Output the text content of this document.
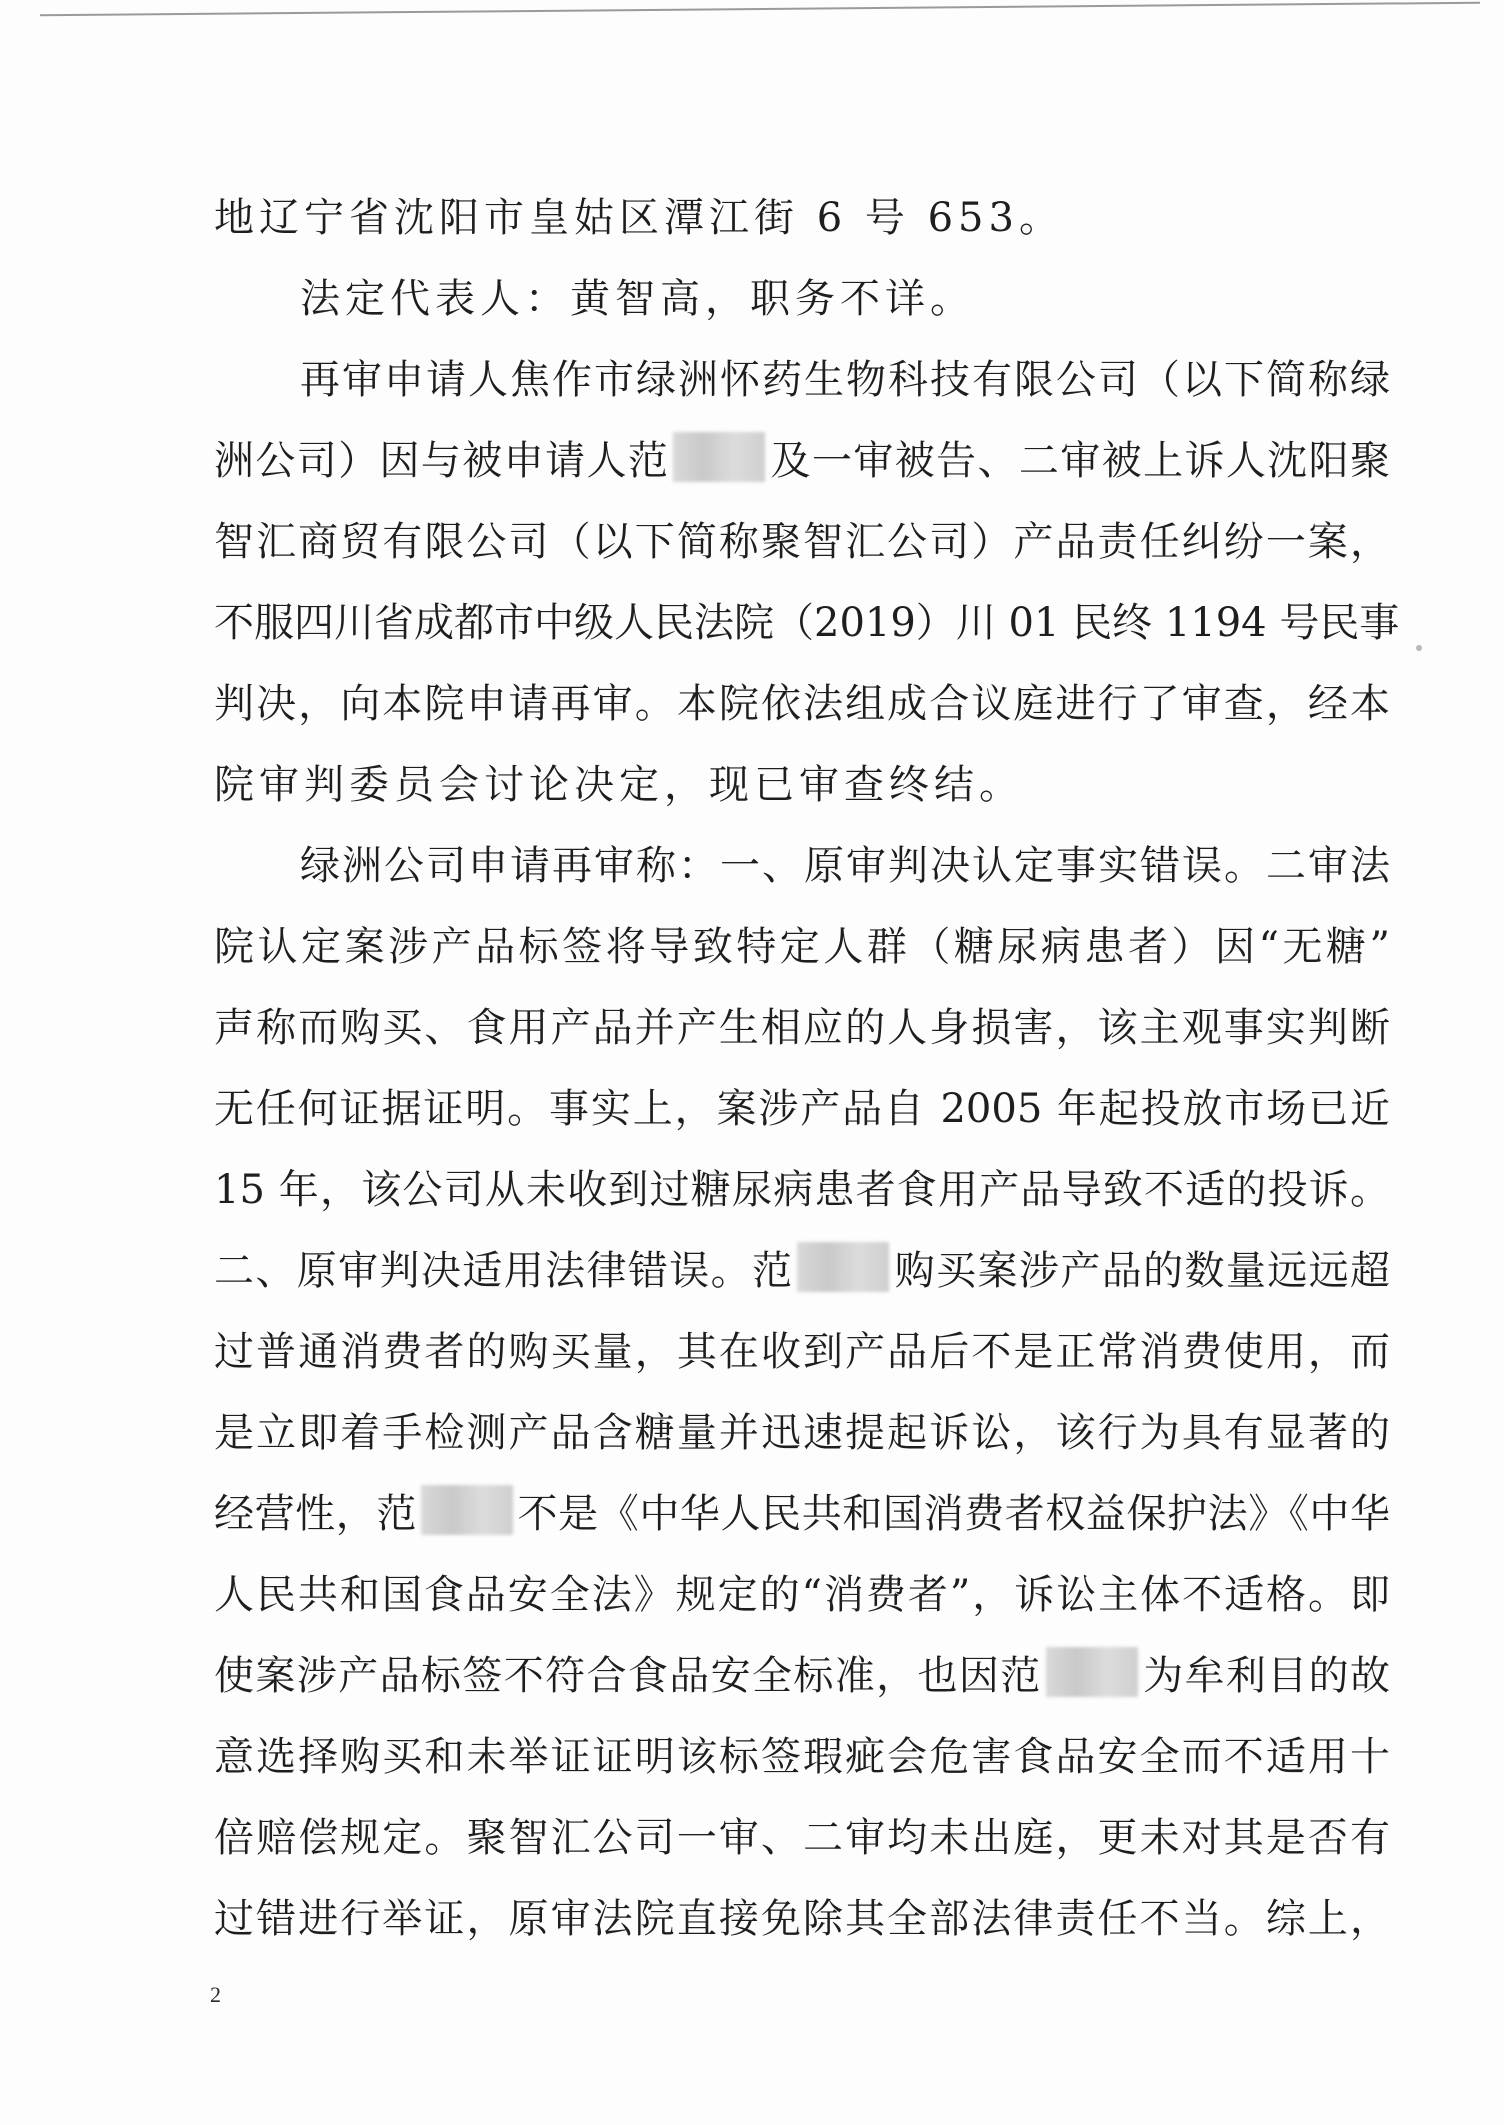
地辽宁省沈阳市皇姑区潭江街 6 号 653。
法定代表人：黄智高，职务不详。
再审申请人焦作市绿洲怀药生物科技有限公司（以下简称绿
洲公司）因与被申请人范	及一审被告、二审被上诉人沈阳聚
智汇商贸有限公司（以下简称聚智汇公司）产品责任纠纷一案，
不服四川省成都市中级人民法院（2019）川 01 民终 1194 号民事
判决，向本院申请再审。本院依法组成合议庭进行了审查，经本
院审判委员会讨论决定，现已审查终结。
绿洲公司申请再审称：一、原审判决认定事实错误。二审法
院认定案涉产品标签将导致特定人群（糖尿病患者）因“无糖”
声称而购买、食用产品并产生相应的人身损害，该主观事实判断
无任何证据证明。事实上，案涉产品自 2005 年起投放市场已近
15 年，该公司从未收到过糖尿病患者食用产品导致不适的投诉。
二、原审判决适用法律错误。范	购买案涉产品的数量远远超
过普通消费者的购买量，其在收到产品后不是正常消费使用，而
是立即着手检测产品含糖量并迅速提起诉讼，该行为具有显著的
经营性，范	不是《中华人民共和国消费者权益保护法》《中华
人民共和国食品安全法》规定的“消费者”，诉讼主体不适格。即
使案涉产品标签不符合食品安全标准，也因范	为牟利目的故
意选择购买和未举证证明该标签瑕疵会危害食品安全而不适用十
倍赔偿规定。聚智汇公司一审、二审均未出庭，更未对其是否有
过错进行举证，原审法院直接免除其全部法律责任不当。综上，
2
